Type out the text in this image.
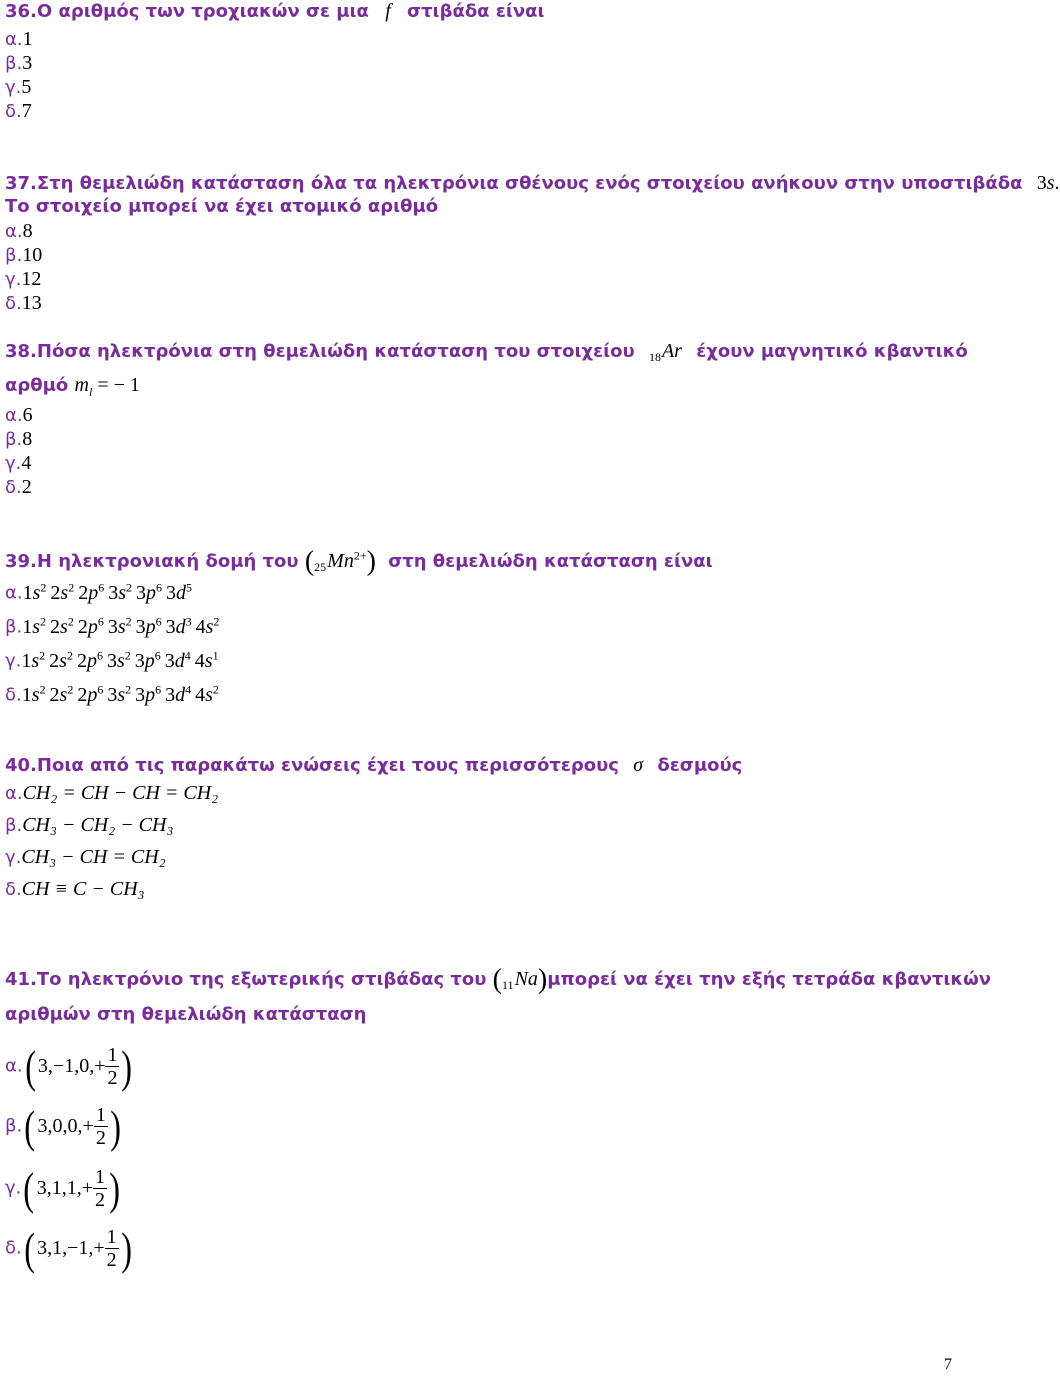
36.Ο αριθμός των τροχιακών σε μια f στιβάδα είναι
α.1
β.3
γ.5
δ.7
37.Στη θεμελιώδη κατάσταση όλα τα ηλεκτρόνια σθένους ενός στοιχείου ανήκουν στην υποστιβάδα 3s.
Το στοιχείο μπορεί να έχει ατομικό αριθμό
α.8
β.10
γ.12
δ.13
38.Πόσα ηλεκτρόνια στη θεμελιώδη κατάσταση του στοιχείου $_{18}$Ar έχουν μαγνητικό κβαντικό
αρθμό $m_l$ = − 1
α.6
β.8
γ.4
δ.2
39.Η ηλεκτρονιακή δομή του $(_{25}Mn^{2+})$ στη θεμελιώδη κατάσταση είναι
$\alpha.1s^2$ $2s^2$ $2p^6$ $3s^2$ $3p^6$ $3d^5$
$\beta.1s^2$ $2s^2$ $2p^6$ $3s^2$ $3p^6$ $3d^3$ $4s^2$
$\gamma.1s^2$ $2s^2$ $2p^6$ $3s^2$ $3p^6$ $3d^4$ $4s^1$
$\delta.1s^2$ $2s^2$ $2p^6$ $3s^2$ $3p^6$ $3d^4$ $4s^2$
40.Ποια από τις παρακάτω ενώσεις έχει τους περισσότερους σ δεσμούς
α.CH₂ = CH − CH = CH₂
β.CH₃ − CH₂ − CH₃
γ.CH₃ − CH = CH₂
δ.CH ≡ C − CH₃
41.Το ηλεκτρόνιο της εξωτερικής στιβάδας του $(_{11}Na)\mu\pi o\rho\varepsilon ί$ να έχει την εξής τετράδα κβαντικών
αριθμών στη θεμελιώδη κατάσταση
α.( $3,-1,0,+ \frac{1}{2}$ )
β.( $3,0,0,+ \frac{1}{2}$ )
γ.( $3,1,1,+ \frac{1}{2}$ )
δ.( $3,1,-1,+ \frac{1}{2}$ )
7
